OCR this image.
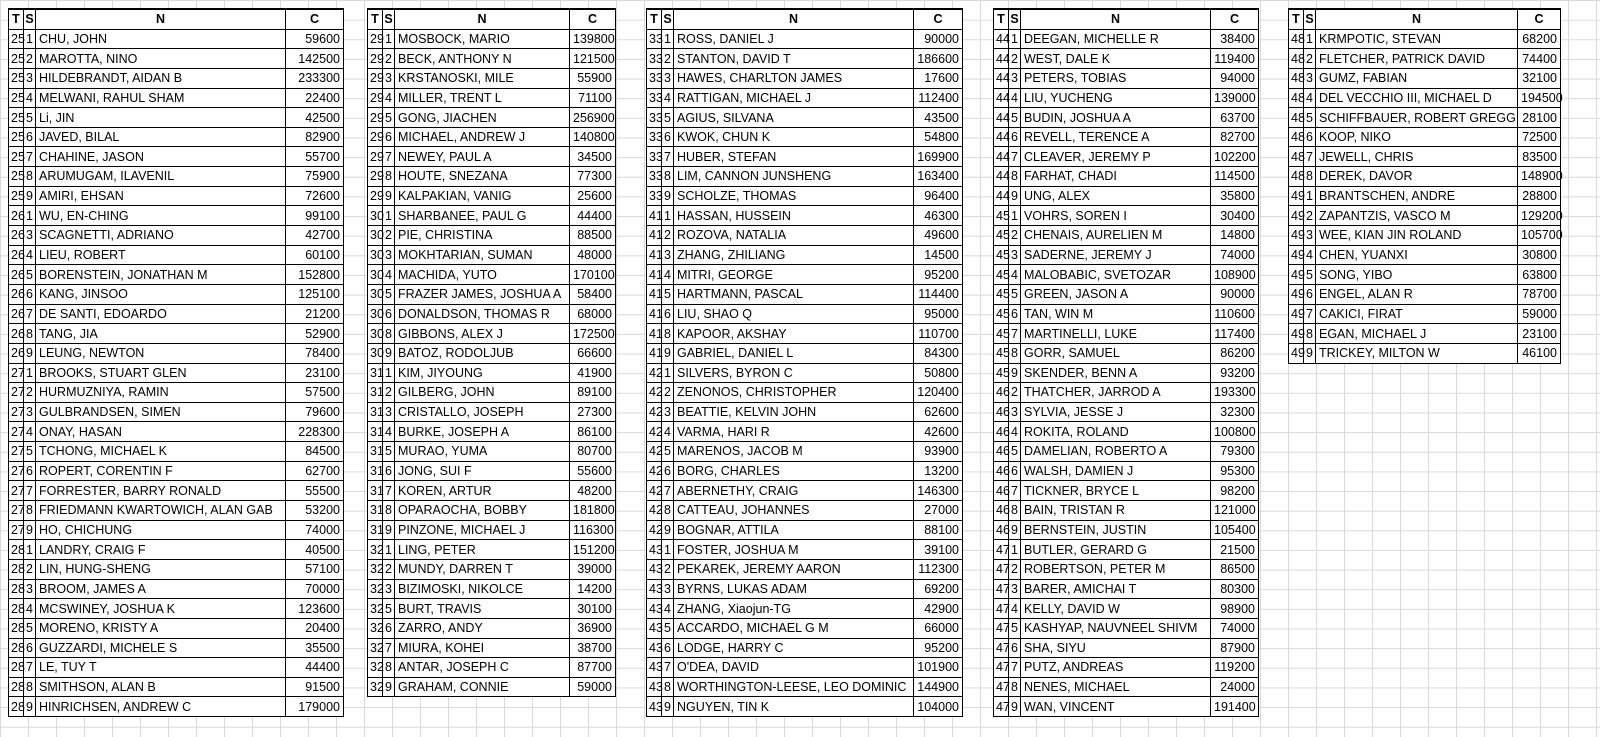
T	S	N	C
25	1	CHU, JOHN	59600
25	2	MAROTTA, NINO	142500
25	3	HILDEBRANDT, AIDAN B	233300
25	4	MELWANI, RAHUL SHAM	22400
25	5	Li, JIN	42500
25	6	JAVED, BILAL	82900
25	7	CHAHINE, JASON	55700
25	8	ARUMUGAM, ILAVENIL	75900
25	9	AMIRI, EHSAN	72600
26	1	WU, EN-CHING	99100
26	3	SCAGNETTI, ADRIANO	42700
26	4	LIEU, ROBERT	60100
26	5	BORENSTEIN, JONATHAN M	152800
26	6	KANG, JINSOO	125100
26	7	DE SANTI, EDOARDO	21200
26	8	TANG, JIA	52900
26	9	LEUNG, NEWTON	78400
27	1	BROOKS, STUART GLEN	23100
27	2	HURMUZNIYA, RAMIN	57500
27	3	GULBRANDSEN, SIMEN	79600
27	4	ONAY, HASAN	228300
27	5	TCHONG, MICHAEL K	84500
27	6	ROPERT, CORENTIN F	62700
27	7	FORRESTER, BARRY RONALD	55500
27	8	FRIEDMANN KWARTOWICH, ALAN GAB	53200
27	9	HO, CHICHUNG	74000
28	1	LANDRY, CRAIG F	40500
28	2	LIN, HUNG-SHENG	57100
28	3	BROOM, JAMES A	70000
28	4	MCSWINEY, JOSHUA K	123600
28	5	MORENO, KRISTY A	20400
28	6	GUZZARDI, MICHELE S	35500
28	7	LE, TUY T	44400
28	8	SMITHSON, ALAN B	91500
28	9	HINRICHSEN, ANDREW C	179000
T	S	N	C
29	1	MOSBOCK, MARIO	139800
29	2	BECK, ANTHONY N	121500
29	3	KRSTANOSKI, MILE	55900
29	4	MILLER, TRENT L	71100
29	5	GONG, JIACHEN	256900
29	6	MICHAEL, ANDREW J	140800
29	7	NEWEY, PAUL A	34500
29	8	HOUTE, SNEZANA	77300
29	9	KALPAKIAN, VANIG	25600
30	1	SHARBANEE, PAUL G	44400
30	2	PIE, CHRISTINA	88500
30	3	MOKHTARIAN, SUMAN	48000
30	4	MACHIDA, YUTO	170100
30	5	FRAZER JAMES, JOSHUA A	58400
30	6	DONALDSON, THOMAS R	68000
30	8	GIBBONS, ALEX J	172500
30	9	BATOZ, RODOLJUB	66600
31	1	KIM, JIYOUNG	41900
31	2	GILBERG, JOHN	89100
31	3	CRISTALLO, JOSEPH	27300
31	4	BURKE, JOSEPH A	86100
31	5	MURAO, YUMA	80700
31	6	JONG, SUI F	55600
31	7	KOREN, ARTUR	48200
31	8	OPARAOCHA, BOBBY	181800
31	9	PINZONE, MICHAEL J	116300
32	1	LING, PETER	151200
32	2	MUNDY, DARREN T	39000
32	3	BIZIMOSKI, NIKOLCE	14200
32	5	BURT, TRAVIS	30100
32	6	ZARRO, ANDY	36900
32	7	MIURA, KOHEI	38700
32	8	ANTAR, JOSEPH C	87700
32	9	GRAHAM, CONNIE	59000
T	S	N	C
33	1	ROSS, DANIEL J	90000
33	2	STANTON, DAVID T	186600
33	3	HAWES, CHARLTON JAMES	17600
33	4	RATTIGAN, MICHAEL J	112400
33	5	AGIUS, SILVANA	43500
33	6	KWOK, CHUN K	54800
33	7	HUBER, STEFAN	169900
33	8	LIM, CANNON JUNSHENG	163400
33	9	SCHOLZE, THOMAS	96400
41	1	HASSAN, HUSSEIN	46300
41	2	ROZOVA, NATALIA	49600
41	3	ZHANG, ZHILIANG	14500
41	4	MITRI, GEORGE	95200
41	5	HARTMANN, PASCAL	114400
41	6	LIU, SHAO Q	95000
41	8	KAPOOR, AKSHAY	110700
41	9	GABRIEL, DANIEL L	84300
42	1	SILVERS, BYRON C	50800
42	2	ZENONOS, CHRISTOPHER	120400
42	3	BEATTIE, KELVIN JOHN	62600
42	4	VARMA, HARI R	42600
42	5	MARENOS, JACOB M	93900
42	6	BORG, CHARLES	13200
42	7	ABERNETHY, CRAIG	146300
42	8	CATTEAU, JOHANNES	27000
42	9	BOGNAR, ATTILA	88100
43	1	FOSTER, JOSHUA M	39100
43	2	PEKAREK, JEREMY AARON	112300
43	3	BYRNS, LUKAS ADAM	69200
43	4	ZHANG, Xiaojun-TG	42900
43	5	ACCARDO, MICHAEL G M	66000
43	6	LODGE, HARRY C	95200
43	7	O'DEA, DAVID	101900
43	8	WORTHINGTON-LEESE, LEO DOMINIC	144900
43	9	NGUYEN, TIN K	104000
T	S	N	C
44	1	DEEGAN, MICHELLE R	38400
44	2	WEST, DALE K	119400
44	3	PETERS, TOBIAS	94000
44	4	LIU, YUCHENG	139000
44	5	BUDIN, JOSHUA A	63700
44	6	REVELL, TERENCE A	82700
44	7	CLEAVER, JEREMY P	102200
44	8	FARHAT, CHADI	114500
44	9	UNG, ALEX	35800
45	1	VOHRS, SOREN I	30400
45	2	CHENAIS, AURELIEN M	14800
45	3	SADERNE, JEREMY J	74000
45	4	MALOBABIC, SVETOZAR	108900
45	5	GREEN, JASON A	90000
45	6	TAN, WIN M	110600
45	7	MARTINELLI, LUKE	117400
45	8	GORR, SAMUEL	86200
45	9	SKENDER, BENN A	93200
46	2	THATCHER, JARROD A	193300
46	3	SYLVIA, JESSE J	32300
46	4	ROKITA, ROLAND	100800
46	5	DAMELIAN, ROBERTO A	79300
46	6	WALSH, DAMIEN J	95300
46	7	TICKNER, BRYCE L	98200
46	8	BAIN, TRISTAN R	121000
46	9	BERNSTEIN, JUSTIN	105400
47	1	BUTLER, GERARD G	21500
47	2	ROBERTSON, PETER M	86500
47	3	BARER, AMICHAI T	80300
47	4	KELLY, DAVID W	98900
47	5	KASHYAP, NAUVNEEL SHIVM	74000
47	6	SHA, SIYU	87900
47	7	PUTZ, ANDREAS	119200
47	8	NENES, MICHAEL	24000
47	9	WAN, VINCENT	191400
T	S	N	C
48	1	KRMPOTIC, STEVAN	68200
48	2	FLETCHER, PATRICK DAVID	74400
48	3	GUMZ, FABIAN	32100
48	4	DEL VECCHIO III, MICHAEL D	194500
48	5	SCHIFFBAUER, ROBERT GREGG	28100
48	6	KOOP, NIKO	72500
48	7	JEWELL, CHRIS	83500
48	8	DEREK, DAVOR	148900
49	1	BRANTSCHEN, ANDRE	28800
49	2	ZAPANTZIS, VASCO M	129200
49	3	WEE, KIAN JIN ROLAND	105700
49	4	CHEN, YUANXI	30800
49	5	SONG, YIBO	63800
49	6	ENGEL, ALAN R	78700
49	7	CAKICI, FIRAT	59000
49	8	EGAN, MICHAEL J	23100
49	9	TRICKEY, MILTON W	46100
